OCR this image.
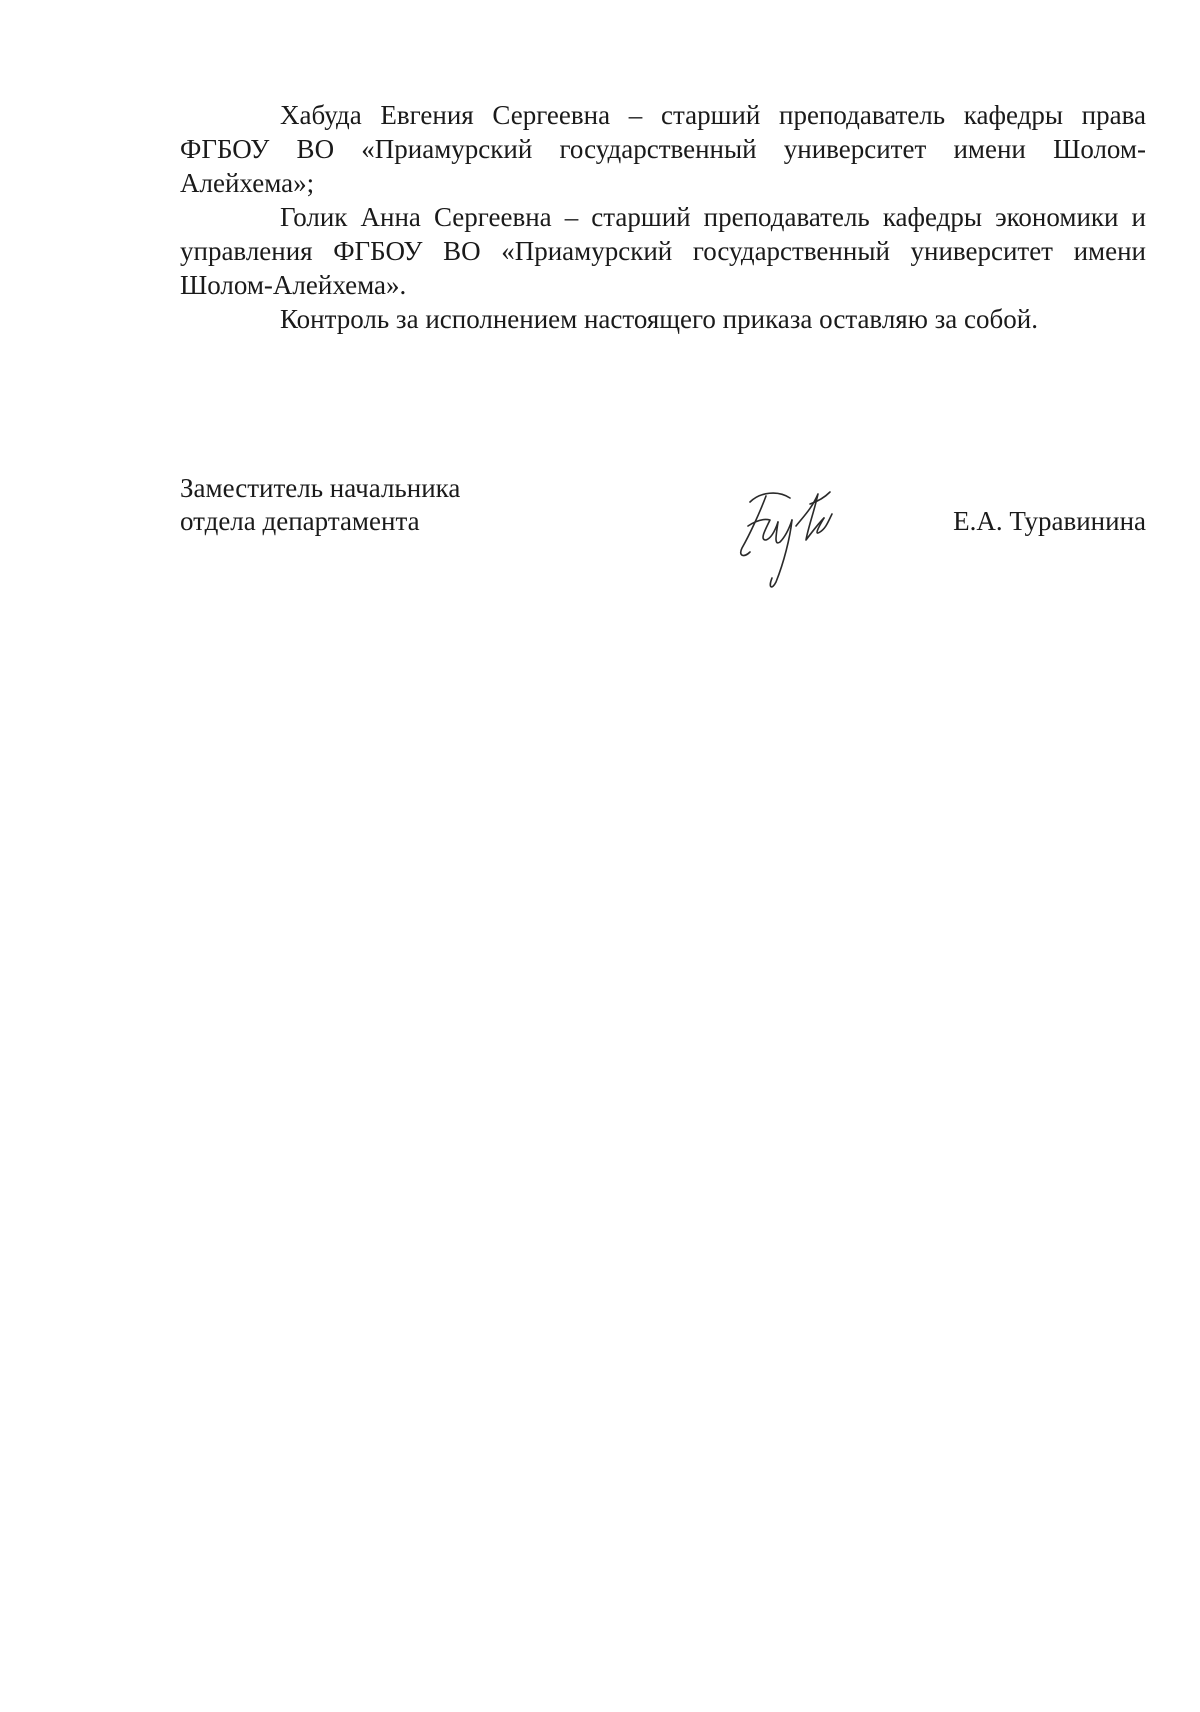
Хабуда Евгения Сергеевна – старший преподаватель кафедры права ФГБОУ ВО «Приамурский государственный университет имени Шолом-Алейхема»;

Голик Анна Сергеевна – старший преподаватель кафедры экономики и управления ФГБОУ ВО «Приамурский государственный университет имени Шолом-Алейхема».

Контроль за исполнением настоящего приказа оставляю за собой.

Заместитель начальника
отдела департамента	Е.А. Туравинина
